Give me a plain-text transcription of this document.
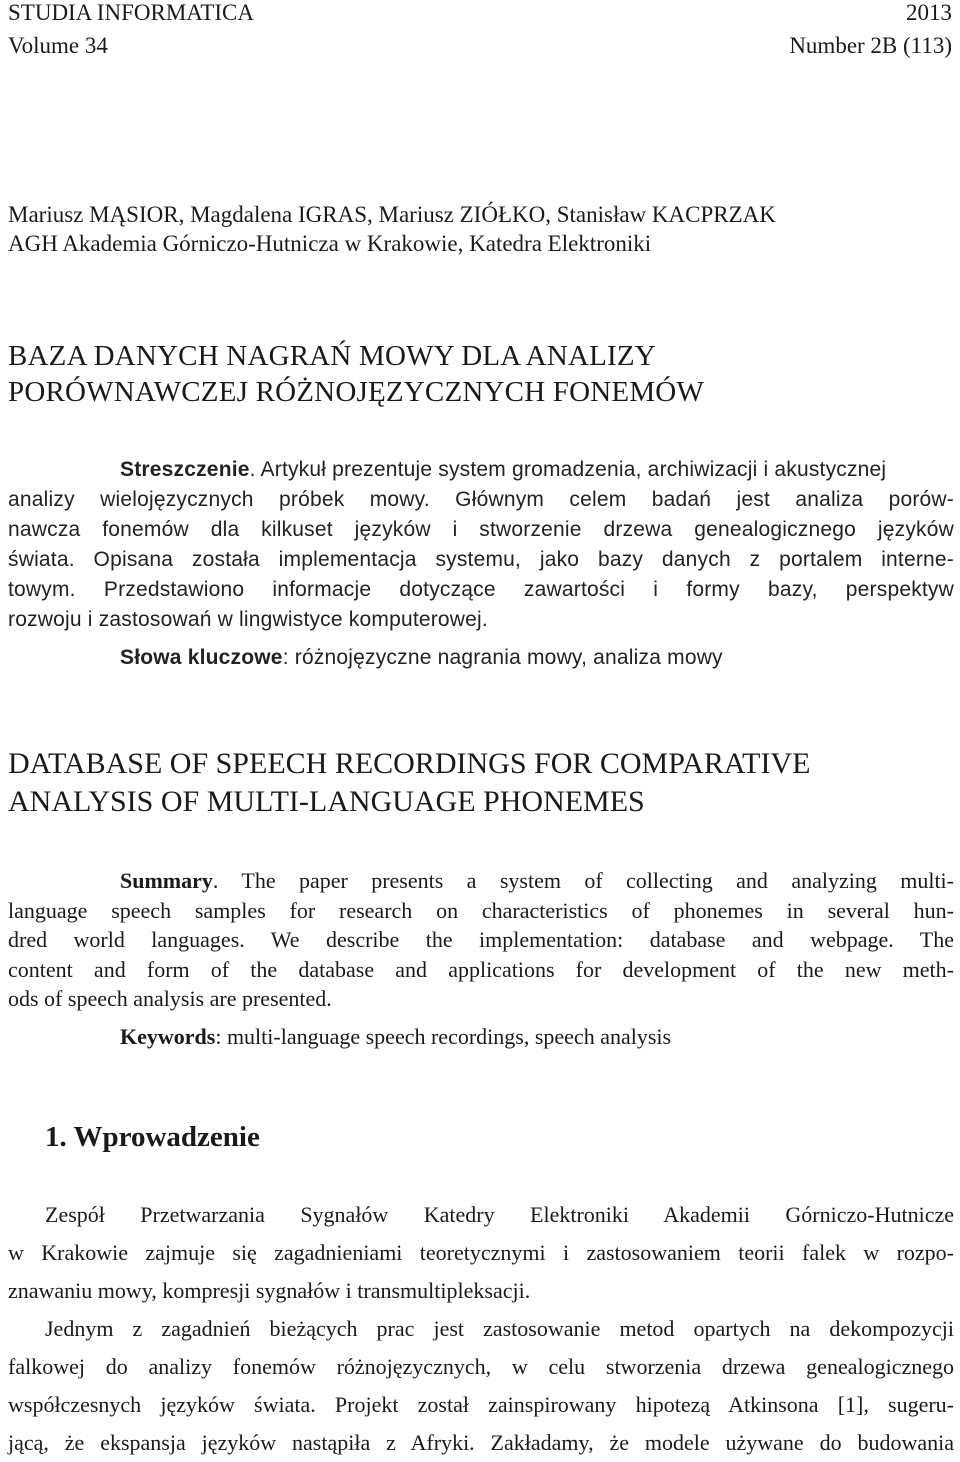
STUDIA INFORMATICA	2013
Volume 34	Number 2B (113)
Mariusz MĄSIOR, Magdalena IGRAS, Mariusz ZIÓŁKO, Stanisław KACPRZAK
AGH Akademia Górniczo-Hutnicza w Krakowie, Katedra Elektroniki
BAZA DANYCH NAGRAŃ MOWY DLA ANALIZY
PORÓWNAWCZEJ RÓŻNOJĘZYCZNYCH FONEMÓW

Streszczenie. Artykuł prezentuje system gromadzenia, archiwizacji i akustycznej

analizy wielojęzycznych próbek mowy. Głównym celem badań jest analiza porów-

nawcza fonemów dla kilkuset języków i stworzenie drzewa genealogicznego języków

świata. Opisana została implementacja systemu, jako bazy danych z portalem interne-

towym. Przedstawiono informacje dotyczące zawartości i formy bazy, perspektyw

rozwoju i zastosowań w lingwistyce komputerowej.

Słowa kluczowe: różnojęzyczne nagrania mowy, analiza mowy

DATABASE OF SPEECH RECORDINGS FOR COMPARATIVE
ANALYSIS OF MULTI-LANGUAGE PHONEMES

Summary. The paper presents a system of collecting and analyzing multi-

language speech samples for research on characteristics of phonemes in several hun-

dred world languages. We describe the implementation: database and webpage. The

content and form of the database and applications for development of the new meth-

ods of speech analysis are presented.

Keywords: multi-language speech recordings, speech analysis

1. Wprowadzenie

Zespół Przetwarzania Sygnałów Katedry Elektroniki Akademii Górniczo-Hutnicze

w Krakowie zajmuje się zagadnieniami teoretycznymi i zastosowaniem teorii falek w rozpo-

znawaniu mowy, kompresji sygnałów i transmultipleksacji.

Jednym z zagadnień bieżących prac jest zastosowanie metod opartych na dekompozycji

falkowej do analizy fonemów różnojęzycznych, w celu stworzenia drzewa genealogicznego

współczesnych języków świata. Projekt został zainspirowany hipotezą Atkinsona [1], sugeru-

jącą, że ekspansja języków nastąpiła z Afryki. Zakładamy, że modele używane do budowania
